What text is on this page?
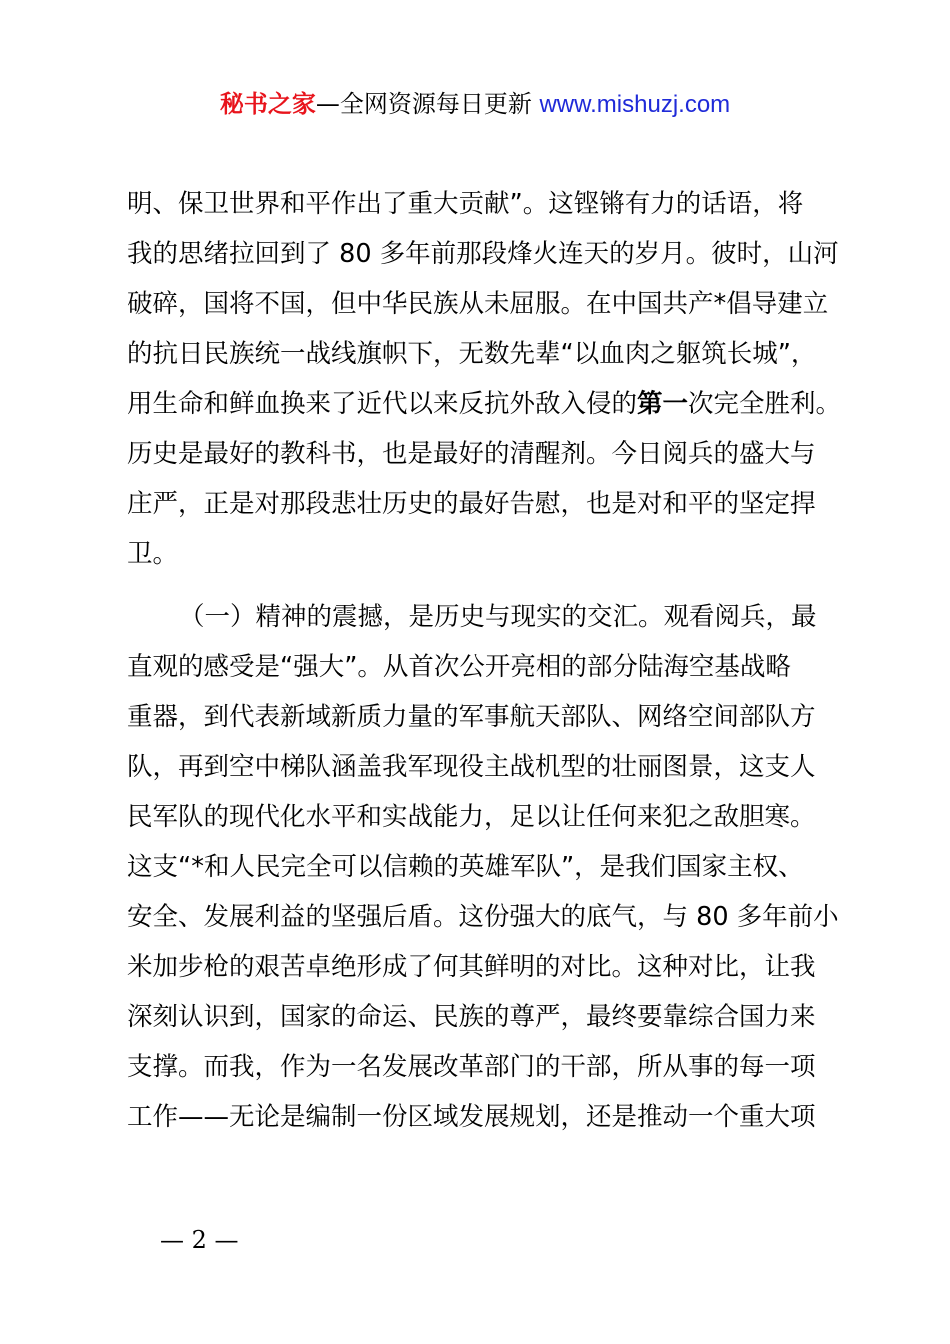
秘书之家—全网资源每日更新 www.mishuzj.com
明、保卫世界和平作出了重大贡献”。这铿锵有力的话语，将
我的思绪拉回到了 80 多年前那段烽火连天的岁月。彼时，山河
破碎，国将不国，但中华民族从未屈服。在中国共产*倡导建立
的抗日民族统一战线旗帜下，无数先辈“以血肉之躯筑长城”，
用生命和鲜血换来了近代以来反抗外敌入侵的第一次完全胜利。
历史是最好的教科书，也是最好的清醒剂。今日阅兵的盛大与
庄严，正是对那段悲壮历史的最好告慰，也是对和平的坚定捍
卫。
（一）精神的震撼，是历史与现实的交汇。观看阅兵，最
直观的感受是“强大”。从首次公开亮相的部分陆海空基战略
重器，到代表新域新质力量的军事航天部队、网络空间部队方
队，再到空中梯队涵盖我军现役主战机型的壮丽图景，这支人
民军队的现代化水平和实战能力，足以让任何来犯之敌胆寒。
这支“*和人民完全可以信赖的英雄军队”，是我们国家主权、
安全、发展利益的坚强后盾。这份强大的底气，与 80 多年前小
米加步枪的艰苦卓绝形成了何其鲜明的对比。这种对比，让我
深刻认识到，国家的命运、民族的尊严，最终要靠综合国力来
支撑。而我，作为一名发展改革部门的干部，所从事的每一项
工作——无论是编制一份区域发展规划，还是推动一个重大项
— 2 —
